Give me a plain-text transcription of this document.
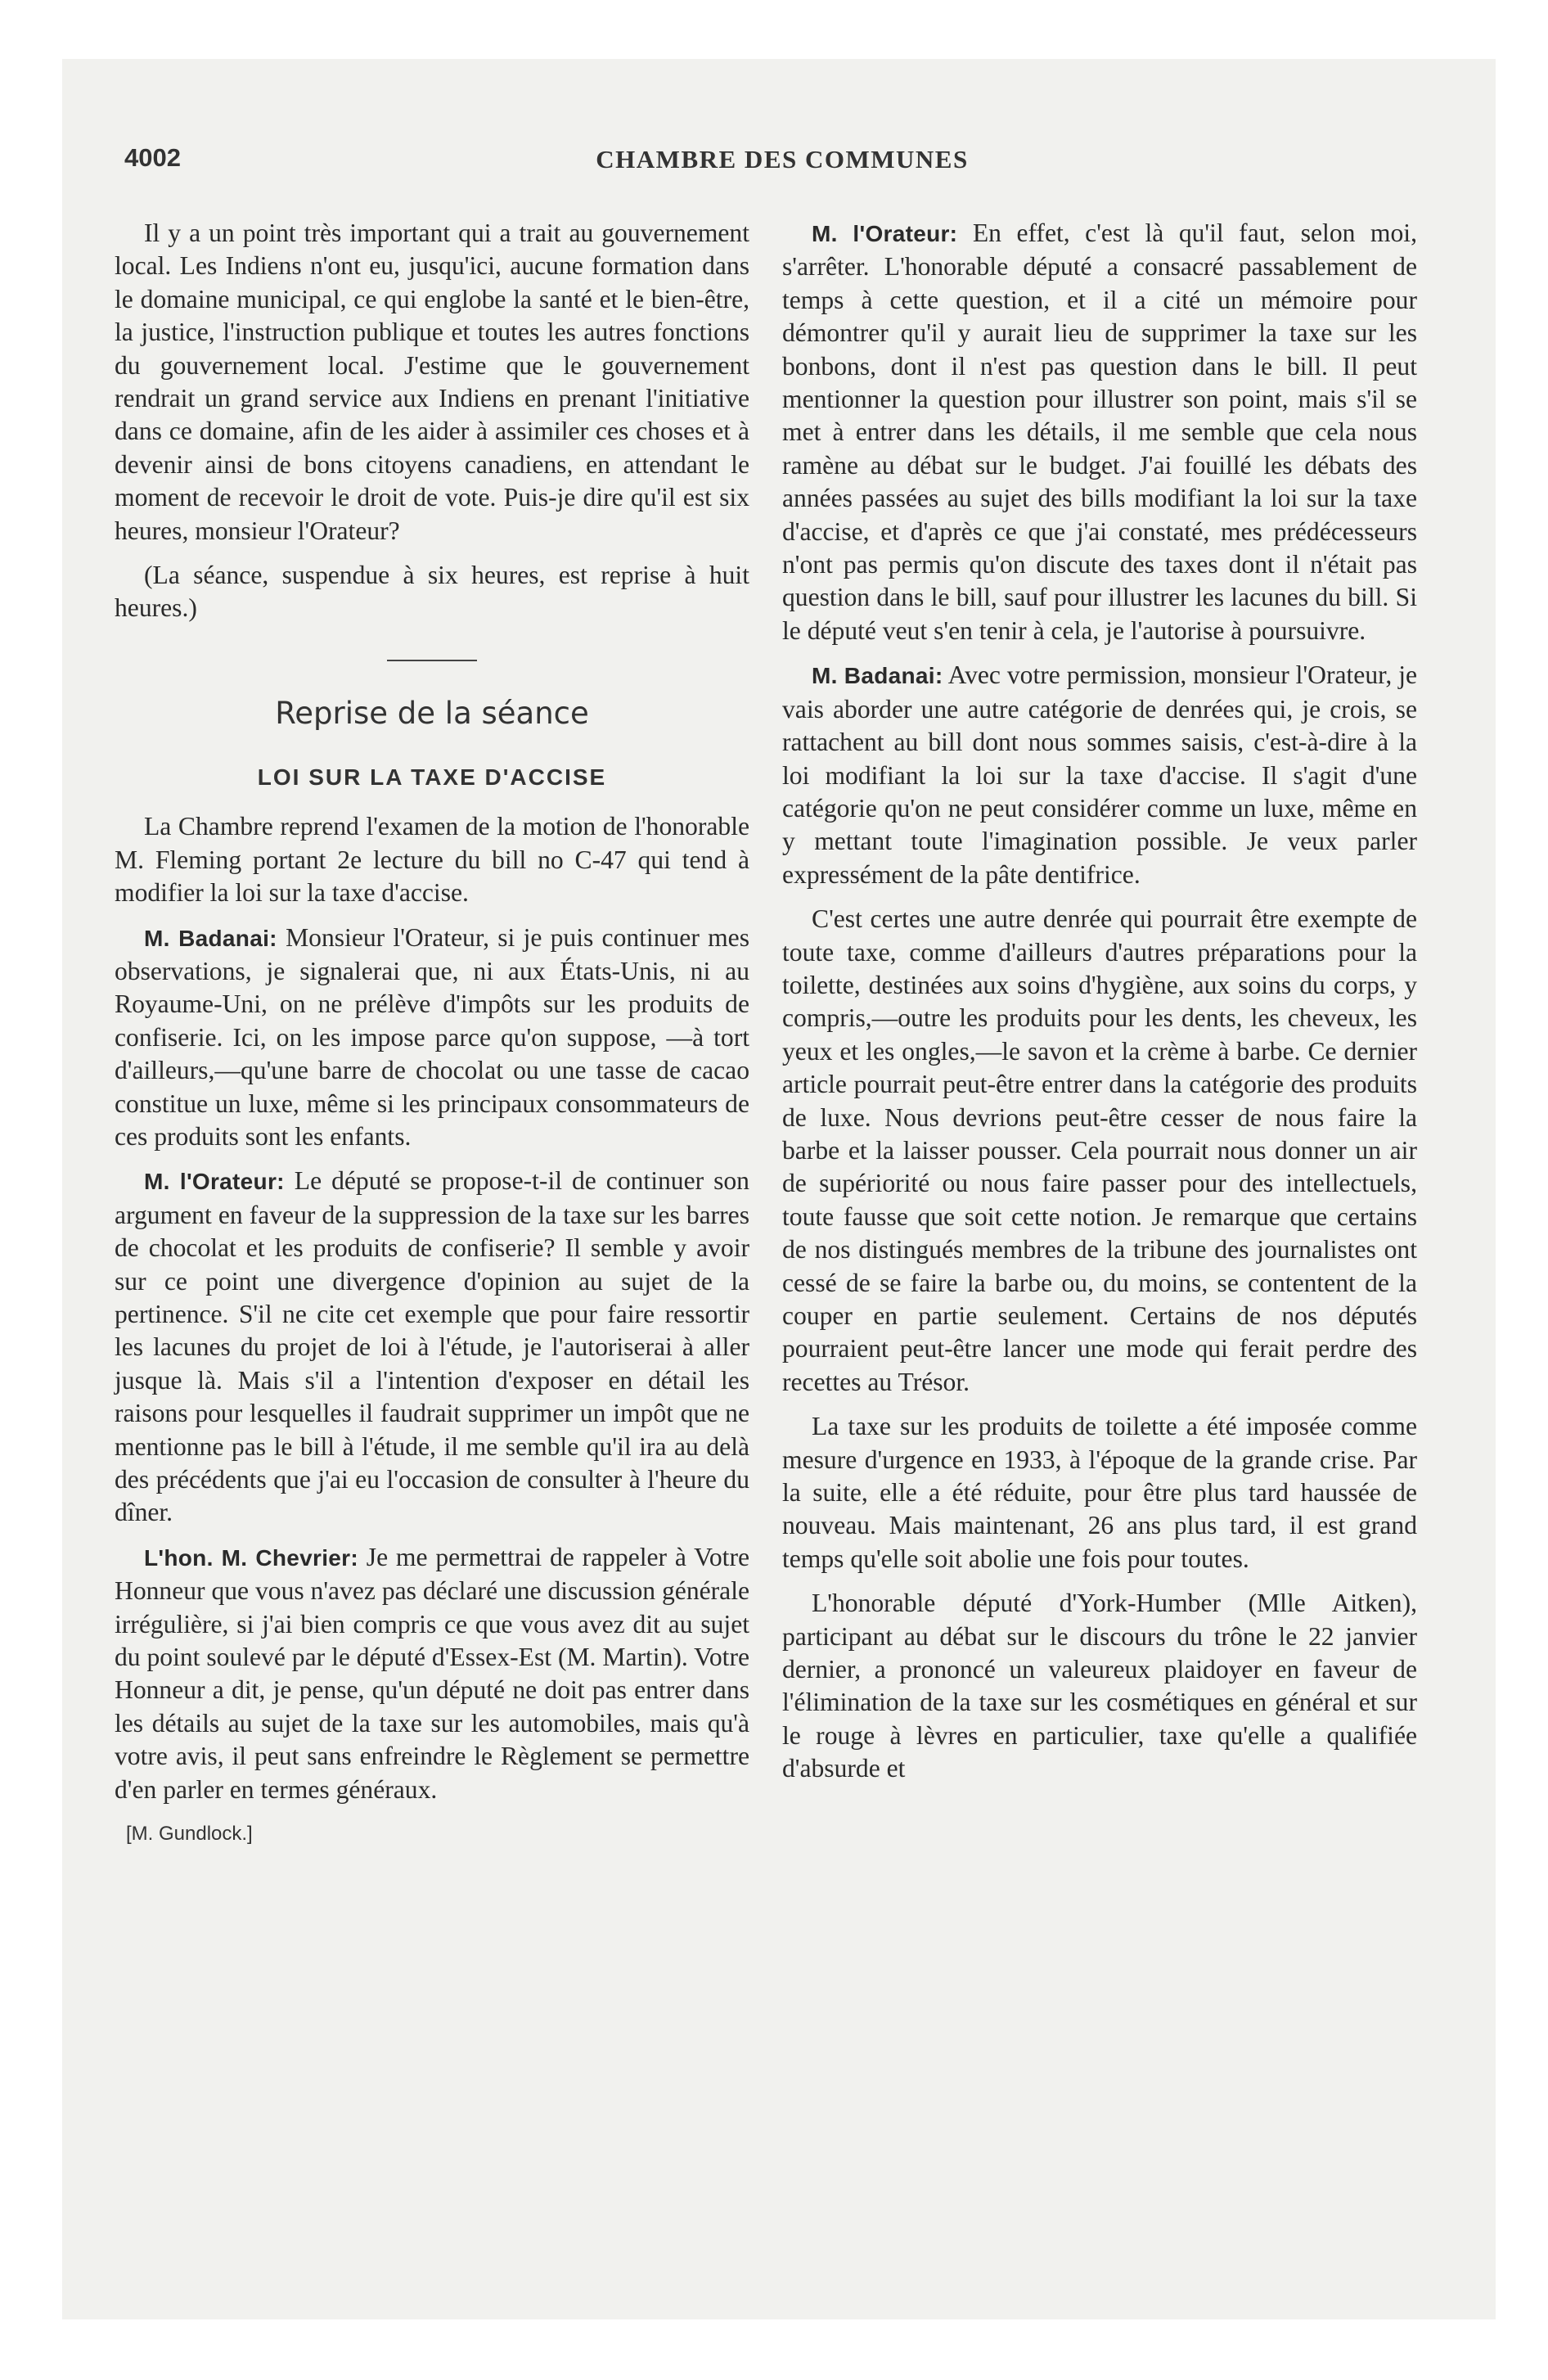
4002	CHAMBRE DES COMMUNES

Il y a un point très important qui a trait au gouvernement local. Les Indiens n'ont eu, jusqu'ici, aucune formation dans le domaine municipal, ce qui englobe la santé et le bien-être, la justice, l'instruction publique et toutes les autres fonctions du gouvernement local. J'estime que le gouvernement rendrait un grand service aux Indiens en prenant l'initiative dans ce domaine, afin de les aider à assimiler ces choses et à devenir ainsi de bons citoyens canadiens, en attendant le moment de recevoir le droit de vote. Puis-je dire qu'il est six heures, monsieur l'Orateur?

(La séance, suspendue à six heures, est reprise à huit heures.)

Reprise de la séance
LOI SUR LA TAXE D'ACCISE

La Chambre reprend l'examen de la motion de l'honorable M. Fleming portant 2e lecture du bill no C-47 qui tend à modifier la loi sur la taxe d'accise.

M. Badanai: Monsieur l'Orateur, si je puis continuer mes observations, je signalerai que, ni aux États-Unis, ni au Royaume-Uni, on ne prélève d'impôts sur les produits de confiserie. Ici, on les impose parce qu'on suppose, —à tort d'ailleurs,—qu'une barre de chocolat ou une tasse de cacao constitue un luxe, même si les principaux consommateurs de ces produits sont les enfants.

M. l'Orateur: Le député se propose-t-il de continuer son argument en faveur de la suppression de la taxe sur les barres de chocolat et les produits de confiserie? Il semble y avoir sur ce point une divergence d'opinion au sujet de la pertinence. S'il ne cite cet exemple que pour faire ressortir les lacunes du projet de loi à l'étude, je l'autoriserai à aller jusque là. Mais s'il a l'intention d'exposer en détail les raisons pour lesquelles il faudrait supprimer un impôt que ne mentionne pas le bill à l'étude, il me semble qu'il ira au delà des précédents que j'ai eu l'occasion de consulter à l'heure du dîner.

L'hon. M. Chevrier: Je me permettrai de rappeler à Votre Honneur que vous n'avez pas déclaré une discussion générale irrégulière, si j'ai bien compris ce que vous avez dit au sujet du point soulevé par le député d'Essex-Est (M. Martin). Votre Honneur a dit, je pense, qu'un député ne doit pas entrer dans les détails au sujet de la taxe sur les automobiles, mais qu'à votre avis, il peut sans enfreindre le Règlement se permettre d'en parler en termes généraux.

[M. Gundlock.]

M. l'Orateur: En effet, c'est là qu'il faut, selon moi, s'arrêter. L'honorable député a consacré passablement de temps à cette question, et il a cité un mémoire pour démontrer qu'il y aurait lieu de supprimer la taxe sur les bonbons, dont il n'est pas question dans le bill. Il peut mentionner la question pour illustrer son point, mais s'il se met à entrer dans les détails, il me semble que cela nous ramène au débat sur le budget. J'ai fouillé les débats des années passées au sujet des bills modifiant la loi sur la taxe d'accise, et d'après ce que j'ai constaté, mes prédécesseurs n'ont pas permis qu'on discute des taxes dont il n'était pas question dans le bill, sauf pour illustrer les lacunes du bill. Si le député veut s'en tenir à cela, je l'autorise à poursuivre.

M. Badanai: Avec votre permission, monsieur l'Orateur, je vais aborder une autre catégorie de denrées qui, je crois, se rattachent au bill dont nous sommes saisis, c'est-à-dire à la loi modifiant la loi sur la taxe d'accise. Il s'agit d'une catégorie qu'on ne peut considérer comme un luxe, même en y mettant toute l'imagination possible. Je veux parler expressément de la pâte dentifrice.

C'est certes une autre denrée qui pourrait être exempte de toute taxe, comme d'ailleurs d'autres préparations pour la toilette, destinées aux soins d'hygiène, aux soins du corps, y compris,—outre les produits pour les dents, les cheveux, les yeux et les ongles,—le savon et la crème à barbe. Ce dernier article pourrait peut-être entrer dans la catégorie des produits de luxe. Nous devrions peut-être cesser de nous faire la barbe et la laisser pousser. Cela pourrait nous donner un air de supériorité ou nous faire passer pour des intellectuels, toute fausse que soit cette notion. Je remarque que certains de nos distingués membres de la tribune des journalistes ont cessé de se faire la barbe ou, du moins, se contentent de la couper en partie seulement. Certains de nos députés pourraient peut-être lancer une mode qui ferait perdre des recettes au Trésor.

La taxe sur les produits de toilette a été imposée comme mesure d'urgence en 1933, à l'époque de la grande crise. Par la suite, elle a été réduite, pour être plus tard haussée de nouveau. Mais maintenant, 26 ans plus tard, il est grand temps qu'elle soit abolie une fois pour toutes.

L'honorable député d'York-Humber (Mlle Aitken), participant au débat sur le discours du trône le 22 janvier dernier, a prononcé un valeureux plaidoyer en faveur de l'élimination de la taxe sur les cosmétiques en général et sur le rouge à lèvres en particulier, taxe qu'elle a qualifiée d'absurde et
